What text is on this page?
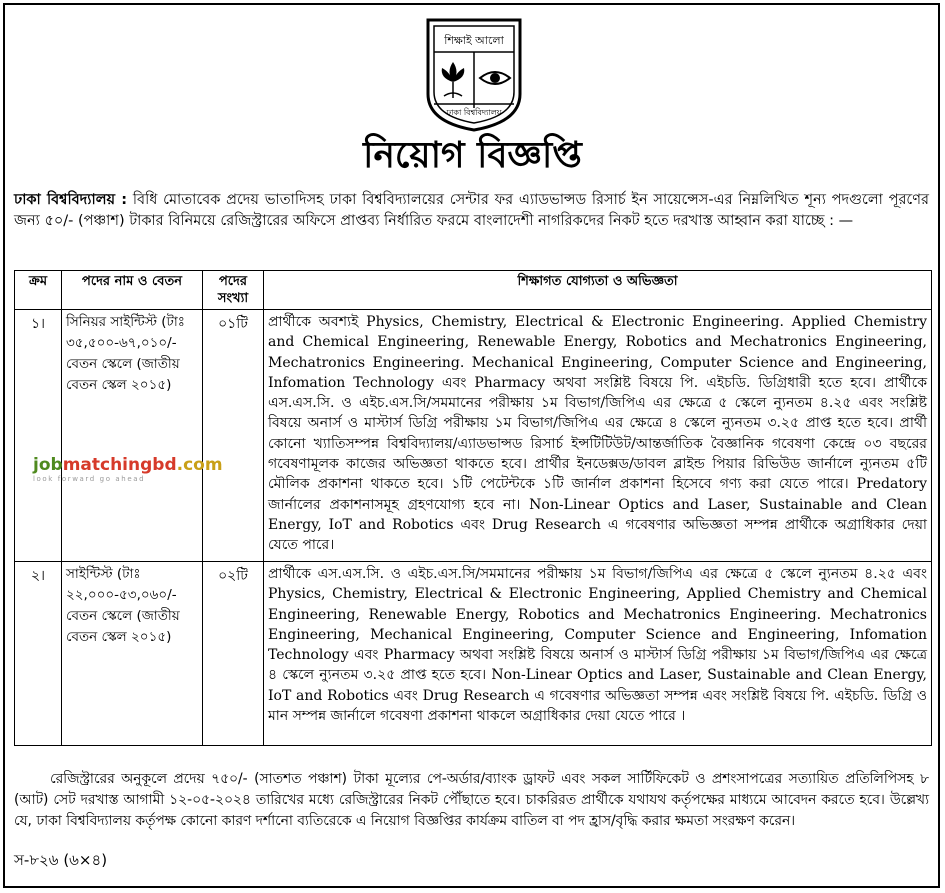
শিক্ষাই আলো
ঢাকা বিশ্ববিদ্যালয়
নিয়োগ বিজ্ঞপ্তি
ঢাকা বিশ্ববিদ্যালয় : বিধি মোতাবেক প্রদেয় ভাতাদিসহ ঢাকা বিশ্ববিদ্যালয়ের সেন্টার ফর এ্যাডভান্সড রিসার্চ ইন সায়েন্সেস-এর নিম্নলিখিত শূন্য পদগুলো পূরণের জন্য ৫০/- (পঞ্চাশ) টাকার বিনিময়ে রেজিস্ট্রারের অফিসে প্রাপ্তব্য নির্ধারিত ফরমে বাংলাদেশী নাগরিকদের নিকট হতে দরখাস্ত আহ্বান করা যাচ্ছে : —
ক্রম	পদের নাম ও বেতন	পদের সংখ্যা	শিক্ষাগত যোগ্যতা ও অভিজ্ঞতা
১।	সিনিয়র সাইন্টিস্ট (টাঃ ৩৫,৫০০-৬৭,০১০/- বেতন স্কেলে (জাতীয় বেতন স্কেল ২০১৫)	০১টি	প্রার্থীকে অবশ্যই Physics, Chemistry, Electrical & Electronic Engineering. Applied Chemistry and Chemical Engineering, Renewable Energy, Robotics and Mechatronics Engineering, Mechatronics Engineering. Mechanical Engineering, Computer Science and Engineering, Infomation Technology এবং Pharmacy অথবা সংশ্লিষ্ট বিষয়ে পি. এইচডি. ডিগ্রিধারী হতে হবে। প্রার্থীকে এস.এস.সি. ও এইচ.এস.সি/সমমানের পরীক্ষায় ১ম বিভাগ/জিপিএ এর ক্ষেত্রে ৫ স্কেলে ন্যুনতম ৪.২৫ এবং সংশ্লিষ্ট বিষয়ে অনার্স ও মাস্টার্স ডিগ্রি পরীক্ষায় ১ম বিভাগ/জিপিএ এর ক্ষেত্রে ৪ স্কেলে ন্যুনতম ৩.২৫ প্রাপ্ত হতে হবে। প্রার্থী কোনো খ্যাতিসম্পন্ন বিশ্ববিদ্যালয়/এ্যাডভান্সড রিসার্চ ইন্সটিটিউট/আন্তর্জাতিক বৈজ্ঞানিক গবেষণা কেন্দ্রে ০৩ বছরের গবেষণামূলক কাজের অভিজ্ঞতা থাকতে হবে। প্রার্থীর ইনডেক্সড/ডাবল ব্লাইন্ড পিয়ার রিভিউড জার্নালে ন্যুনতম ৫টি মৌলিক প্রকাশনা থাকতে হবে। ১টি পেটেন্টকে ১টি জার্নাল প্রকাশনা হিসেবে গণ্য করা যেতে পারে। Predatory জার্নালের প্রকাশনাসমূহ গ্রহণযোগ্য হবে না। Non-Linear Optics and Laser, Sustainable and Clean Energy, IoT and Robotics এবং Drug Research এ গবেষণার অভিজ্ঞতা সম্পন্ন প্রার্থীকে অগ্রাধিকার দেয়া যেতে পারে।
২।	সাইন্টিস্ট (টাঃ ২২,০০০-৫৩,০৬০/- বেতন স্কেলে (জাতীয় বেতন স্কেল ২০১৫)	০২টি	প্রার্থীকে এস.এস.সি. ও এইচ.এস.সি/সমমানের পরীক্ষায় ১ম বিভাগ/জিপিএ এর ক্ষেত্রে ৫ স্কেলে ন্যুনতম ৪.২৫ এবং Physics, Chemistry, Electrical & Electronic Engineering, Applied Chemistry and Chemical Engineering, Renewable Energy, Robotics and Mechatronics Engineering. Mechatronics Engineering, Mechanical Engineering, Computer Science and Engineering, Infomation Technology এবং Pharmacy অথবা সংশ্লিষ্ট বিষয়ে অনার্স ও মাস্টার্স ডিগ্রি পরীক্ষায় ১ম বিভাগ/জিপিএ এর ক্ষেত্রে ৪ স্কেলে ন্যুনতম ৩.২৫ প্রাপ্ত হতে হবে। Non-Linear Optics and Laser, Sustainable and Clean Energy, IoT and Robotics এবং Drug Research এ গবেষণার অভিজ্ঞতা সম্পন্ন এবং সংশ্লিষ্ট বিষয়ে পি. এইচডি. ডিগ্রি ও মান সম্পন্ন জার্নালে গবেষণা প্রকাশনা থাকলে অগ্রাধিকার দেয়া যেতে পারে ।
jobmatchingbd.com
look forward go ahead
রেজিস্ট্রারের অনুকূলে প্রদেয় ৭৫০/- (সাতশত পঞ্চাশ) টাকা মূল্যের পে-অর্ডার/ব্যাংক ড্রাফট এবং সকল সার্টিফিকেট ও প্রশংসাপত্রের সত্যায়িত প্রতিলিপিসহ ৮ (আট) সেট দরখাস্ত আগামী ১২-০৫-২০২৪ তারিখের মধ্যে রেজিস্ট্রারের নিকট পৌঁছাতে হবে। চাকরিরত প্রার্থীকে যথাযথ কর্তৃপক্ষের মাধ্যমে আবেদন করতে হবে। উল্লেখ্য যে, ঢাকা বিশ্ববিদ্যালয় কর্তৃপক্ষ কোনো কারণ দর্শানো ব্যতিরেকে এ নিয়োগ বিজ্ঞপ্তির কার্যক্রম বাতিল বা পদ হ্রাস/বৃদ্ধি করার ক্ষমতা সংরক্ষণ করেন।
স-৮২৬ (৬×৪)
